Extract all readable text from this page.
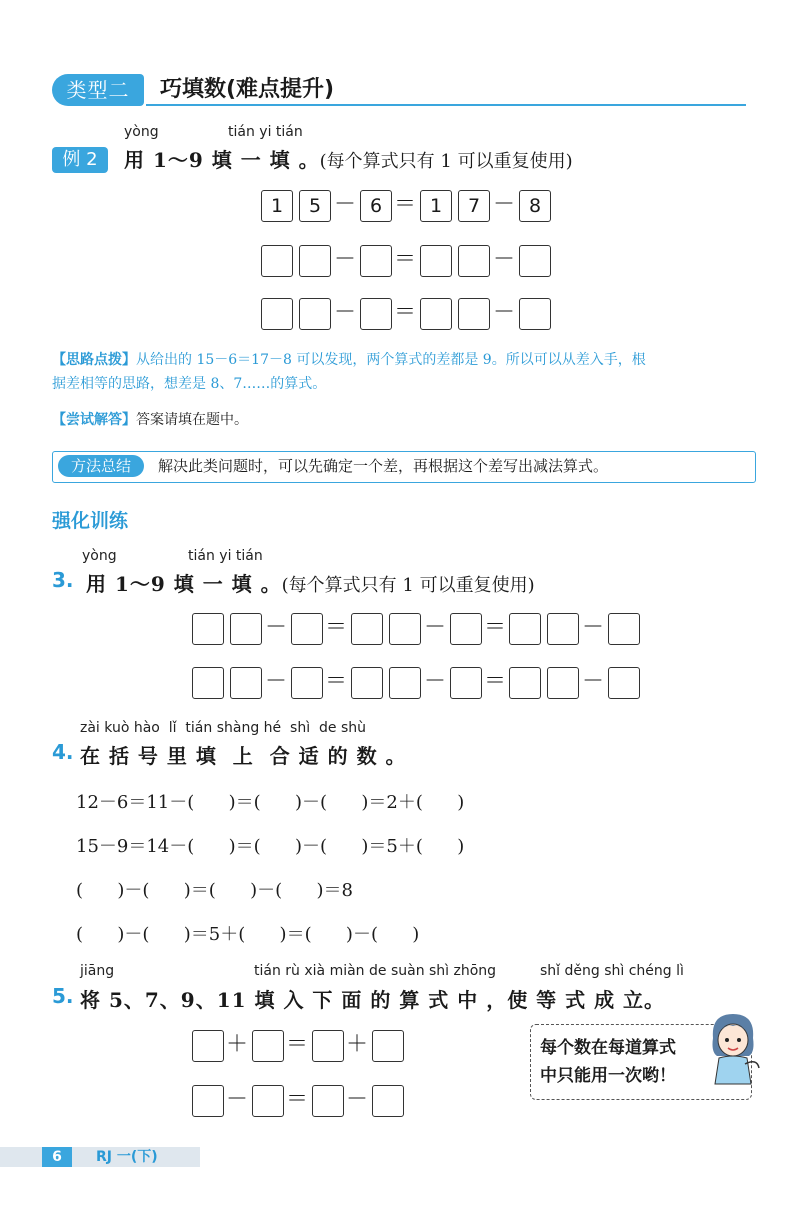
类型二	巧填数(难点提升)
yòng	tián yi tián
例 2	用 1～9 填 一 填 。(每个算式只有 1 可以重复使用)
1	5 － 6 ＝ 1	7 － 8
－ ＝	－
－ ＝	－
【思路点拨】从给出的 15－6＝17－8 可以发现，两个算式的差都是 9。所以可以从差入手，根
据差相等的思路，想差是 8、7……的算式。
【尝试解答】答案请填在题中。
方法总结	解决此类问题时，可以先确定一个差，再根据这个差写出减法算式。
强化训练
yòng	tián yi tián
3. 用 1～9 填 一 填 。(每个算式只有 1 可以重复使用)
－ ＝	－ ＝	－
－ ＝	－ ＝	－
zài kuò hào  lǐ  tián shàng hé  shì  de shù
4. 在 括 号 里 填  上  合 适 的 数 。
12－6＝11－(      )＝(      )－(      )＝2＋(      )
15－9＝14－(      )＝(      )－(      )＝5＋(      )
(      )－(      )＝(      )－(      )＝8
(      )－(      )＝5＋(      )＝(      )－(      )
jiāng	tián rù xià miàn de suàn shì zhōng	shǐ děng shì chéng lì
5. 将 5、7、9、11 填 入 下 面 的 算 式 中 ，使 等 式 成 立。
＋ ＝ ＋
－ ＝ －
每个数在每道算式
中只能用一次哟！
6	RJ 一(下)
